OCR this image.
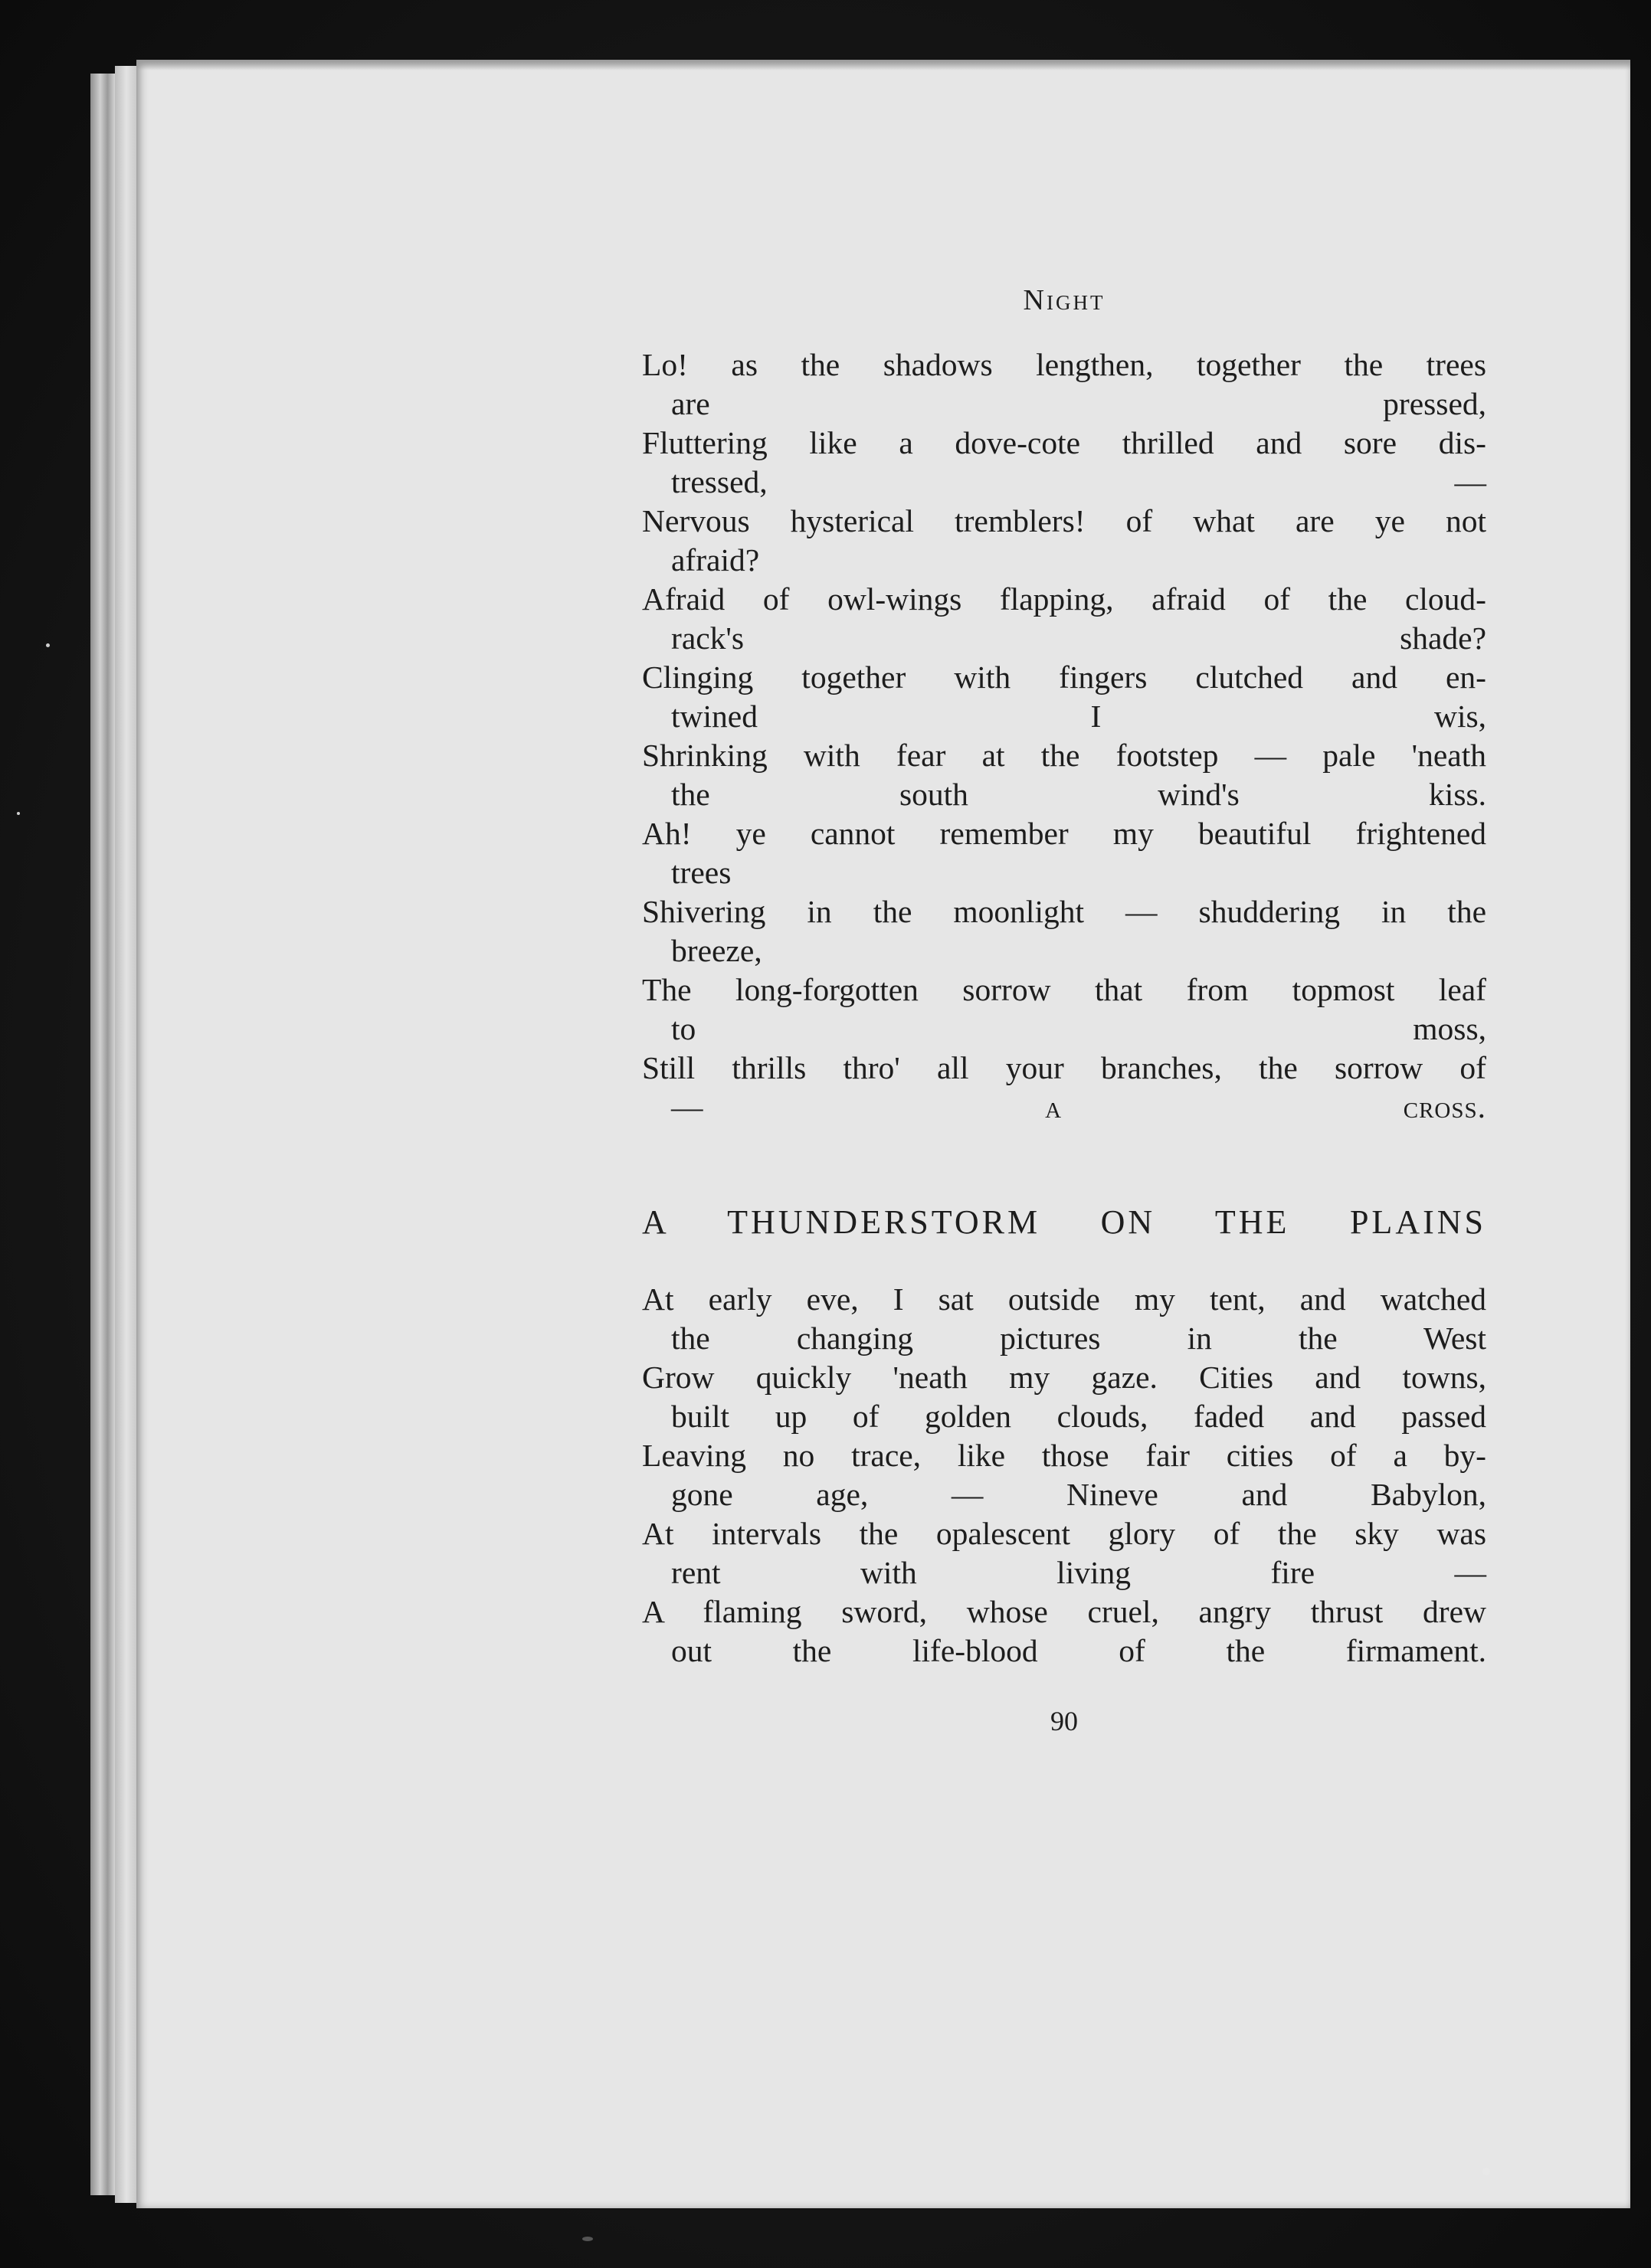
Night

Lo! as the shadows lengthen, together the trees
are pressed,

Fluttering like a dove-cote thrilled and sore dis-
tressed, —

Nervous hysterical tremblers! of what are ye not
afraid?

Afraid of owl-wings flapping, afraid of the cloud-
rack's shade?

Clinging together with fingers clutched and en-
twined I wis,

Shrinking with fear at the footstep — pale 'neath
the south wind's kiss.

Ah! ye cannot remember my beautiful frightened
trees

Shivering in the moonlight — shuddering in the
breeze,

The long-forgotten sorrow that from topmost leaf
to moss,

Still thrills thro' all your branches, the sorrow of
— a cross.

A THUNDERSTORM ON THE PLAINS

At early eve, I sat outside my tent, and watched
the changing pictures in the West

Grow quickly 'neath my gaze. Cities and towns,
built up of golden clouds, faded and passed

Leaving no trace, like those fair cities of a by-
gone age, — Nineve and Babylon,

At intervals the opalescent glory of the sky was
rent with living fire —

A flaming sword, whose cruel, angry thrust drew
out the life-blood of the firmament.

90
